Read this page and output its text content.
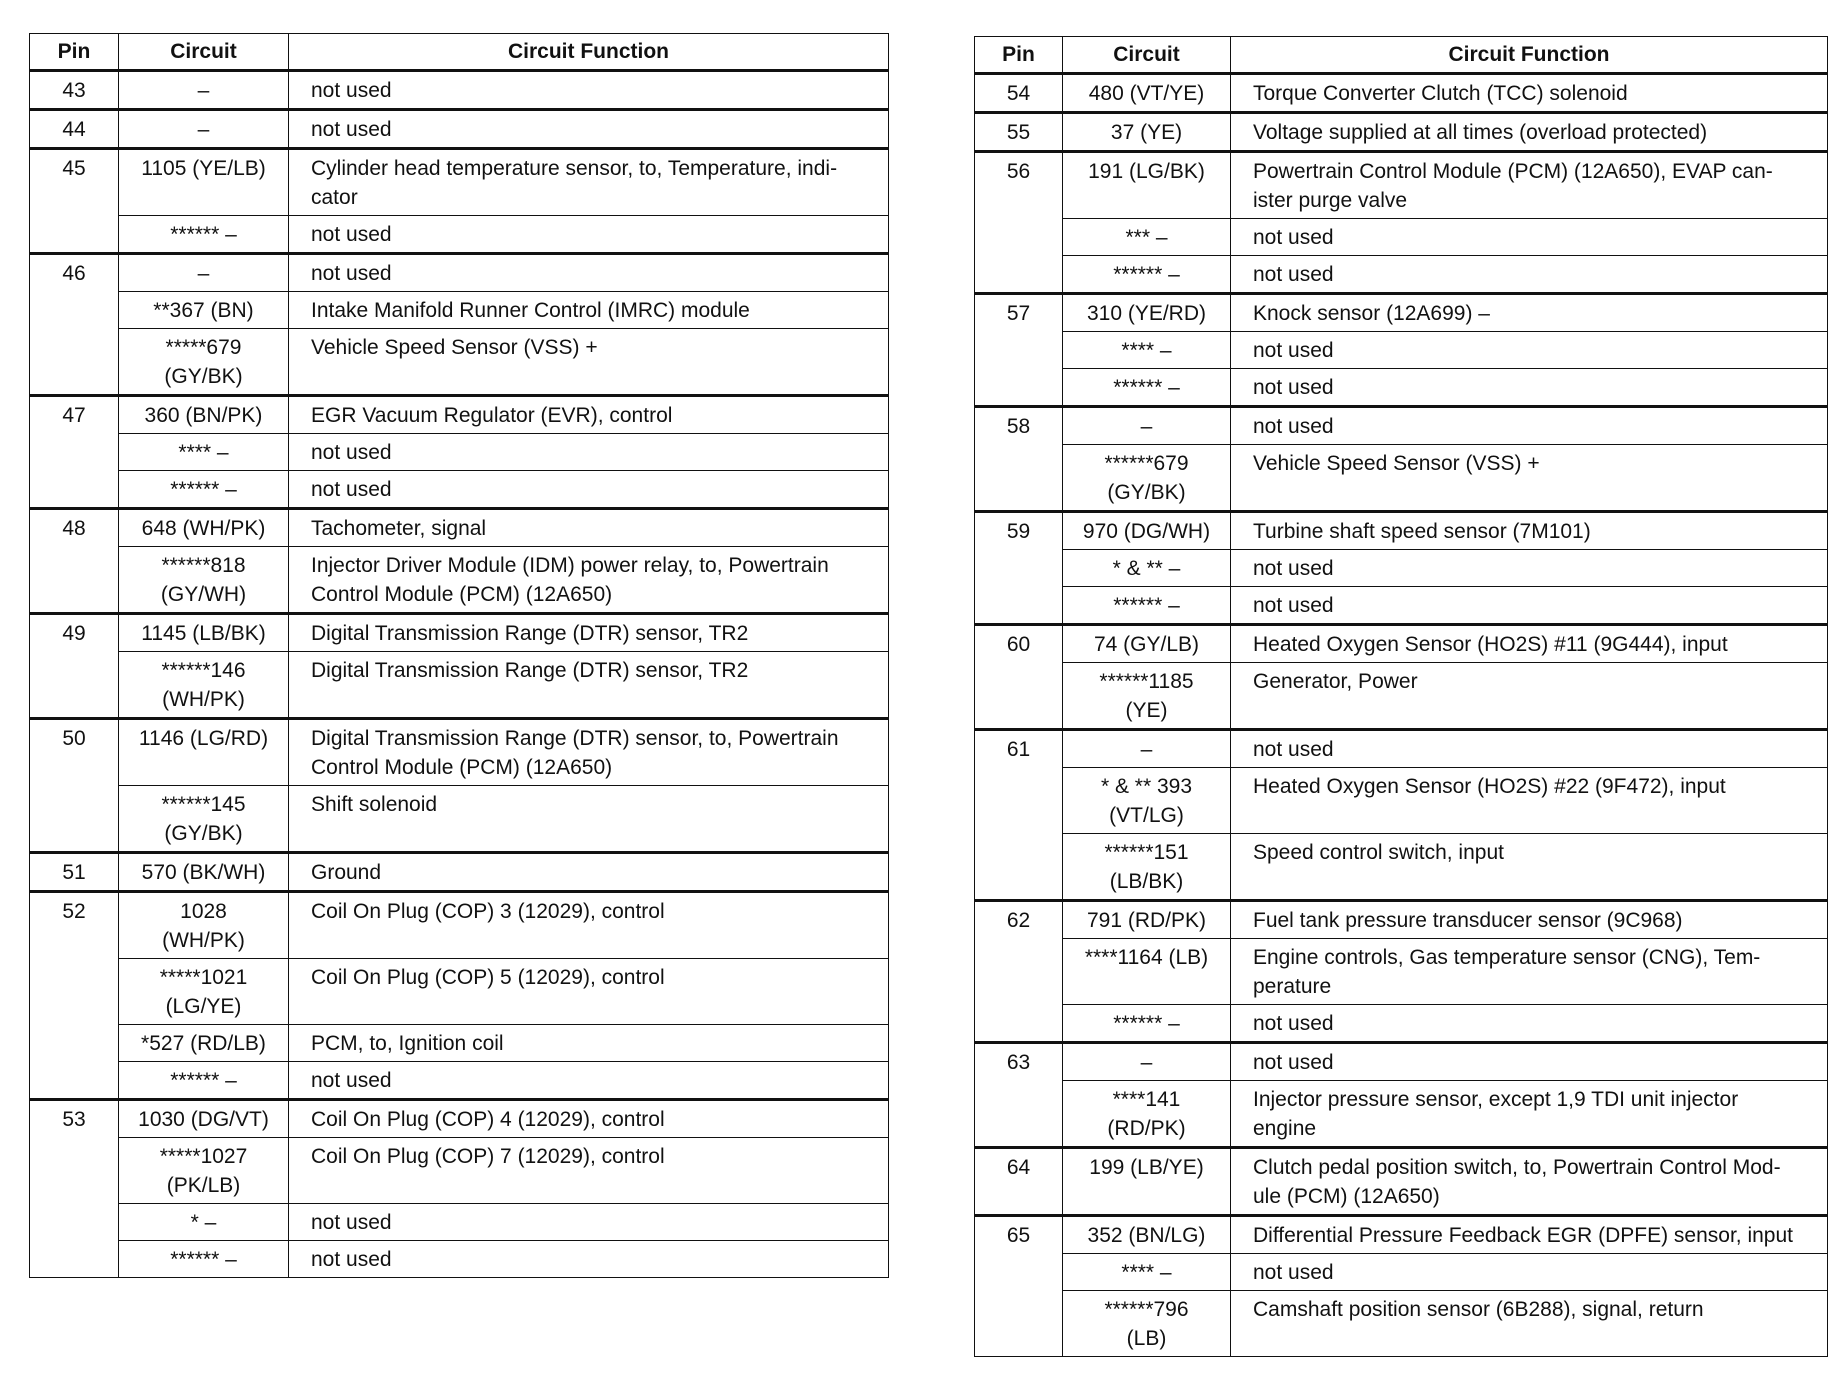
Pin	Circuit	Circuit Function
43	–	not used
44	–	not used
45	1105 (YE/LB)	Cylinder head temperature sensor, to, Temperature, indi-
cator
	****** –	not used
46	–	not used
	**367 (BN)	Intake Manifold Runner Control (IMRC) module
	*****679
(GY/BK)	Vehicle Speed Sensor (VSS) +
47	360 (BN/PK)	EGR Vacuum Regulator (EVR), control
	**** –	not used
	****** –	not used
48	648 (WH/PK)	Tachometer, signal
	******818
(GY/WH)	Injector Driver Module (IDM) power relay, to, Powertrain
Control Module (PCM) (12A650)
49	1145 (LB/BK)	Digital Transmission Range (DTR) sensor, TR2
	******146
(WH/PK)	Digital Transmission Range (DTR) sensor, TR2
50	1146 (LG/RD)	Digital Transmission Range (DTR) sensor, to, Powertrain
Control Module (PCM) (12A650)
	******145
(GY/BK)	Shift solenoid
51	570 (BK/WH)	Ground
52	1028
(WH/PK)	Coil On Plug (COP) 3 (12029), control
	*****1021
(LG/YE)	Coil On Plug (COP) 5 (12029), control
	*527 (RD/LB)	PCM, to, Ignition coil
	****** –	not used
53	1030 (DG/VT)	Coil On Plug (COP) 4 (12029), control
	*****1027
(PK/LB)	Coil On Plug (COP) 7 (12029), control
	* –	not used
	****** –	not used
Pin	Circuit	Circuit Function
54	480 (VT/YE)	Torque Converter Clutch (TCC) solenoid
55	37 (YE)	Voltage supplied at all times (overload protected)
56	191 (LG/BK)	Powertrain Control Module (PCM) (12A650), EVAP can-
ister purge valve
	*** –	not used
	****** –	not used
57	310 (YE/RD)	Knock sensor (12A699) –
	**** –	not used
	****** –	not used
58	–	not used
	******679
(GY/BK)	Vehicle Speed Sensor (VSS) +
59	970 (DG/WH)	Turbine shaft speed sensor (7M101)
	* & ** –	not used
	****** –	not used
60	74 (GY/LB)	Heated Oxygen Sensor (HO2S) #11 (9G444), input
	******1185
(YE)	Generator, Power
61	–	not used
	* & ** 393
(VT/LG)	Heated Oxygen Sensor (HO2S) #22 (9F472), input
	******151
(LB/BK)	Speed control switch, input
62	791 (RD/PK)	Fuel tank pressure transducer sensor (9C968)
	****1164 (LB)	Engine controls, Gas temperature sensor (CNG), Tem-
perature
	****** –	not used
63	–	not used
	****141
(RD/PK)	Injector pressure sensor, except 1,9 TDI unit injector
engine
64	199 (LB/YE)	Clutch pedal position switch, to, Powertrain Control Mod-
ule (PCM) (12A650)
65	352 (BN/LG)	Differential Pressure Feedback EGR (DPFE) sensor, input
	**** –	not used
	******796
(LB)	Camshaft position sensor (6B288), signal, return
